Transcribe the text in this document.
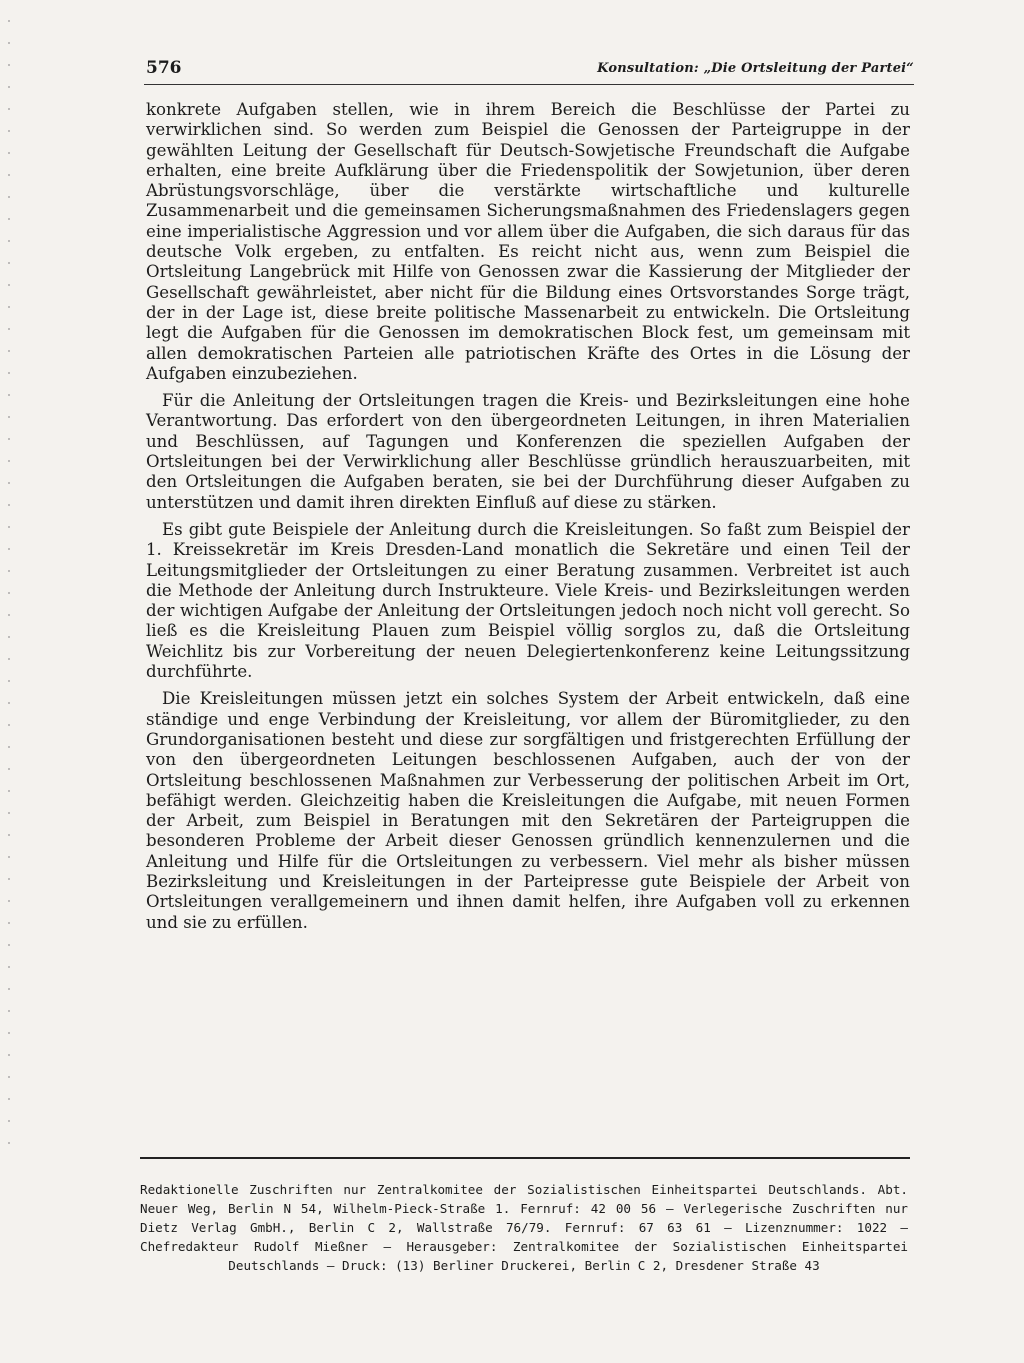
576	Konsultation: „Die Ortsleitung der Partei“

konkrete Aufgaben stellen, wie in ihrem Bereich die Beschlüsse der Partei zu verwirklichen sind. So werden zum Beispiel die Genossen der Parteigruppe in der gewählten Leitung der Gesellschaft für Deutsch-Sowjetische Freundschaft die Aufgabe erhalten, eine breite Aufklärung über die Friedenspolitik der Sowjetunion, über deren Abrüstungsvorschläge, über die verstärkte wirtschaftliche und kulturelle Zusammenarbeit und die gemeinsamen Sicherungsmaßnahmen des Friedenslagers gegen eine imperialistische Aggression und vor allem über die Aufgaben, die sich daraus für das deutsche Volk ergeben, zu entfalten. Es reicht nicht aus, wenn zum Beispiel die Ortsleitung Langebrück mit Hilfe von Genossen zwar die Kassierung der Mitglieder der Gesellschaft gewährleistet, aber nicht für die Bildung eines Ortsvorstandes Sorge trägt, der in der Lage ist, diese breite politische Massenarbeit zu entwickeln. Die Ortsleitung legt die Aufgaben für die Genossen im demokratischen Block fest, um gemeinsam mit allen demokratischen Parteien alle patriotischen Kräfte des Ortes in die Lösung der Aufgaben einzubeziehen.

Für die Anleitung der Ortsleitungen tragen die Kreis- und Bezirksleitungen eine hohe Verantwortung. Das erfordert von den übergeordneten Leitungen, in ihren Materialien und Beschlüssen, auf Tagungen und Konferenzen die speziellen Aufgaben der Ortsleitungen bei der Verwirklichung aller Beschlüsse gründlich herauszuarbeiten, mit den Ortsleitungen die Aufgaben beraten, sie bei der Durchführung dieser Aufgaben zu unterstützen und damit ihren direkten Einfluß auf diese zu stärken.

Es gibt gute Beispiele der Anleitung durch die Kreisleitungen. So faßt zum Beispiel der 1. Kreissekretär im Kreis Dresden-Land monatlich die Sekretäre und einen Teil der Leitungsmitglieder der Ortsleitungen zu einer Beratung zusammen. Verbreitet ist auch die Methode der Anleitung durch Instrukteure. Viele Kreis- und Bezirksleitungen werden der wichtigen Aufgabe der Anleitung der Ortsleitungen jedoch noch nicht voll gerecht. So ließ es die Kreisleitung Plauen zum Beispiel völlig sorglos zu, daß die Ortsleitung Weichlitz bis zur Vorbereitung der neuen Delegiertenkonferenz keine Leitungssitzung durchführte.

Die Kreisleitungen müssen jetzt ein solches System der Arbeit entwickeln, daß eine ständige und enge Verbindung der Kreisleitung, vor allem der Büromitglieder, zu den Grundorganisationen besteht und diese zur sorgfältigen und fristgerechten Erfüllung der von den übergeordneten Leitungen beschlossenen Aufgaben, auch der von der Ortsleitung beschlossenen Maßnahmen zur Verbesserung der politischen Arbeit im Ort, befähigt werden. Gleichzeitig haben die Kreisleitungen die Aufgabe, mit neuen Formen der Arbeit, zum Beispiel in Beratungen mit den Sekretären der Parteigruppen die besonderen Probleme der Arbeit dieser Genossen gründlich kennenzulernen und die Anleitung und Hilfe für die Ortsleitungen zu verbessern. Viel mehr als bisher müssen Bezirksleitung und Kreisleitungen in der Parteipresse gute Beispiele der Arbeit von Ortsleitungen verallgemeinern und ihnen damit helfen, ihre Aufgaben voll zu erkennen und sie zu erfüllen.

Redaktionelle Zuschriften nur Zentralkomitee der Sozialistischen Einheitspartei Deutschlands. Abt. Neuer Weg, Berlin N 54, Wilhelm-Pieck-Straße 1. Fernruf: 42 00 56 — Verlegerische Zuschriften nur Dietz Verlag GmbH., Berlin C 2, Wallstraße 76/79. Fernruf: 67 63 61 — Lizenznummer: 1022 — Chefredakteur Rudolf Mießner — Herausgeber: Zentralkomitee der Sozialistischen Einheitspartei Deutschlands — Druck: (13) Berliner Druckerei, Berlin C 2, Dresdener Straße 43
